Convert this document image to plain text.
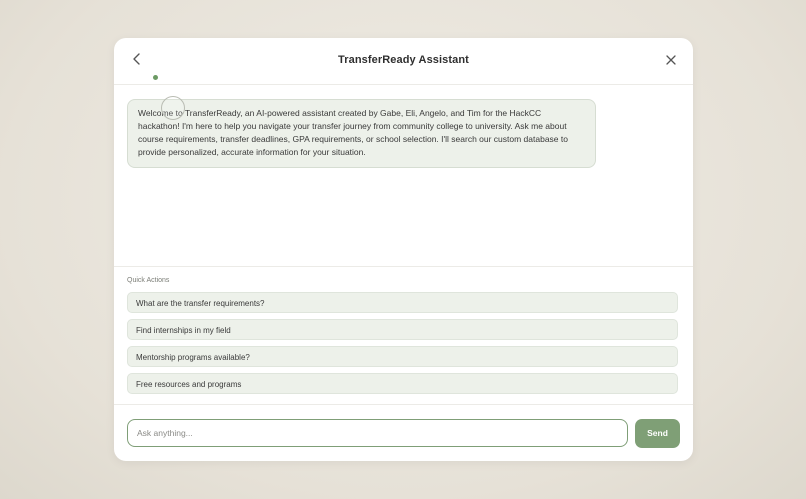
TransferReady Assistant
Welcome to TransferReady, an AI-powered assistant created by Gabe, Eli, Angelo, and Tim for the HackCC hackathon! I'm here to help you navigate your transfer journey from community college to university. Ask me about course requirements, transfer deadlines, GPA requirements, or school selection. I'll search our custom database to provide personalized, accurate information for your situation.
Quick Actions
What are the transfer requirements?
Find internships in my field
Mentorship programs available?
Free resources and programs
Ask anything...
Send
